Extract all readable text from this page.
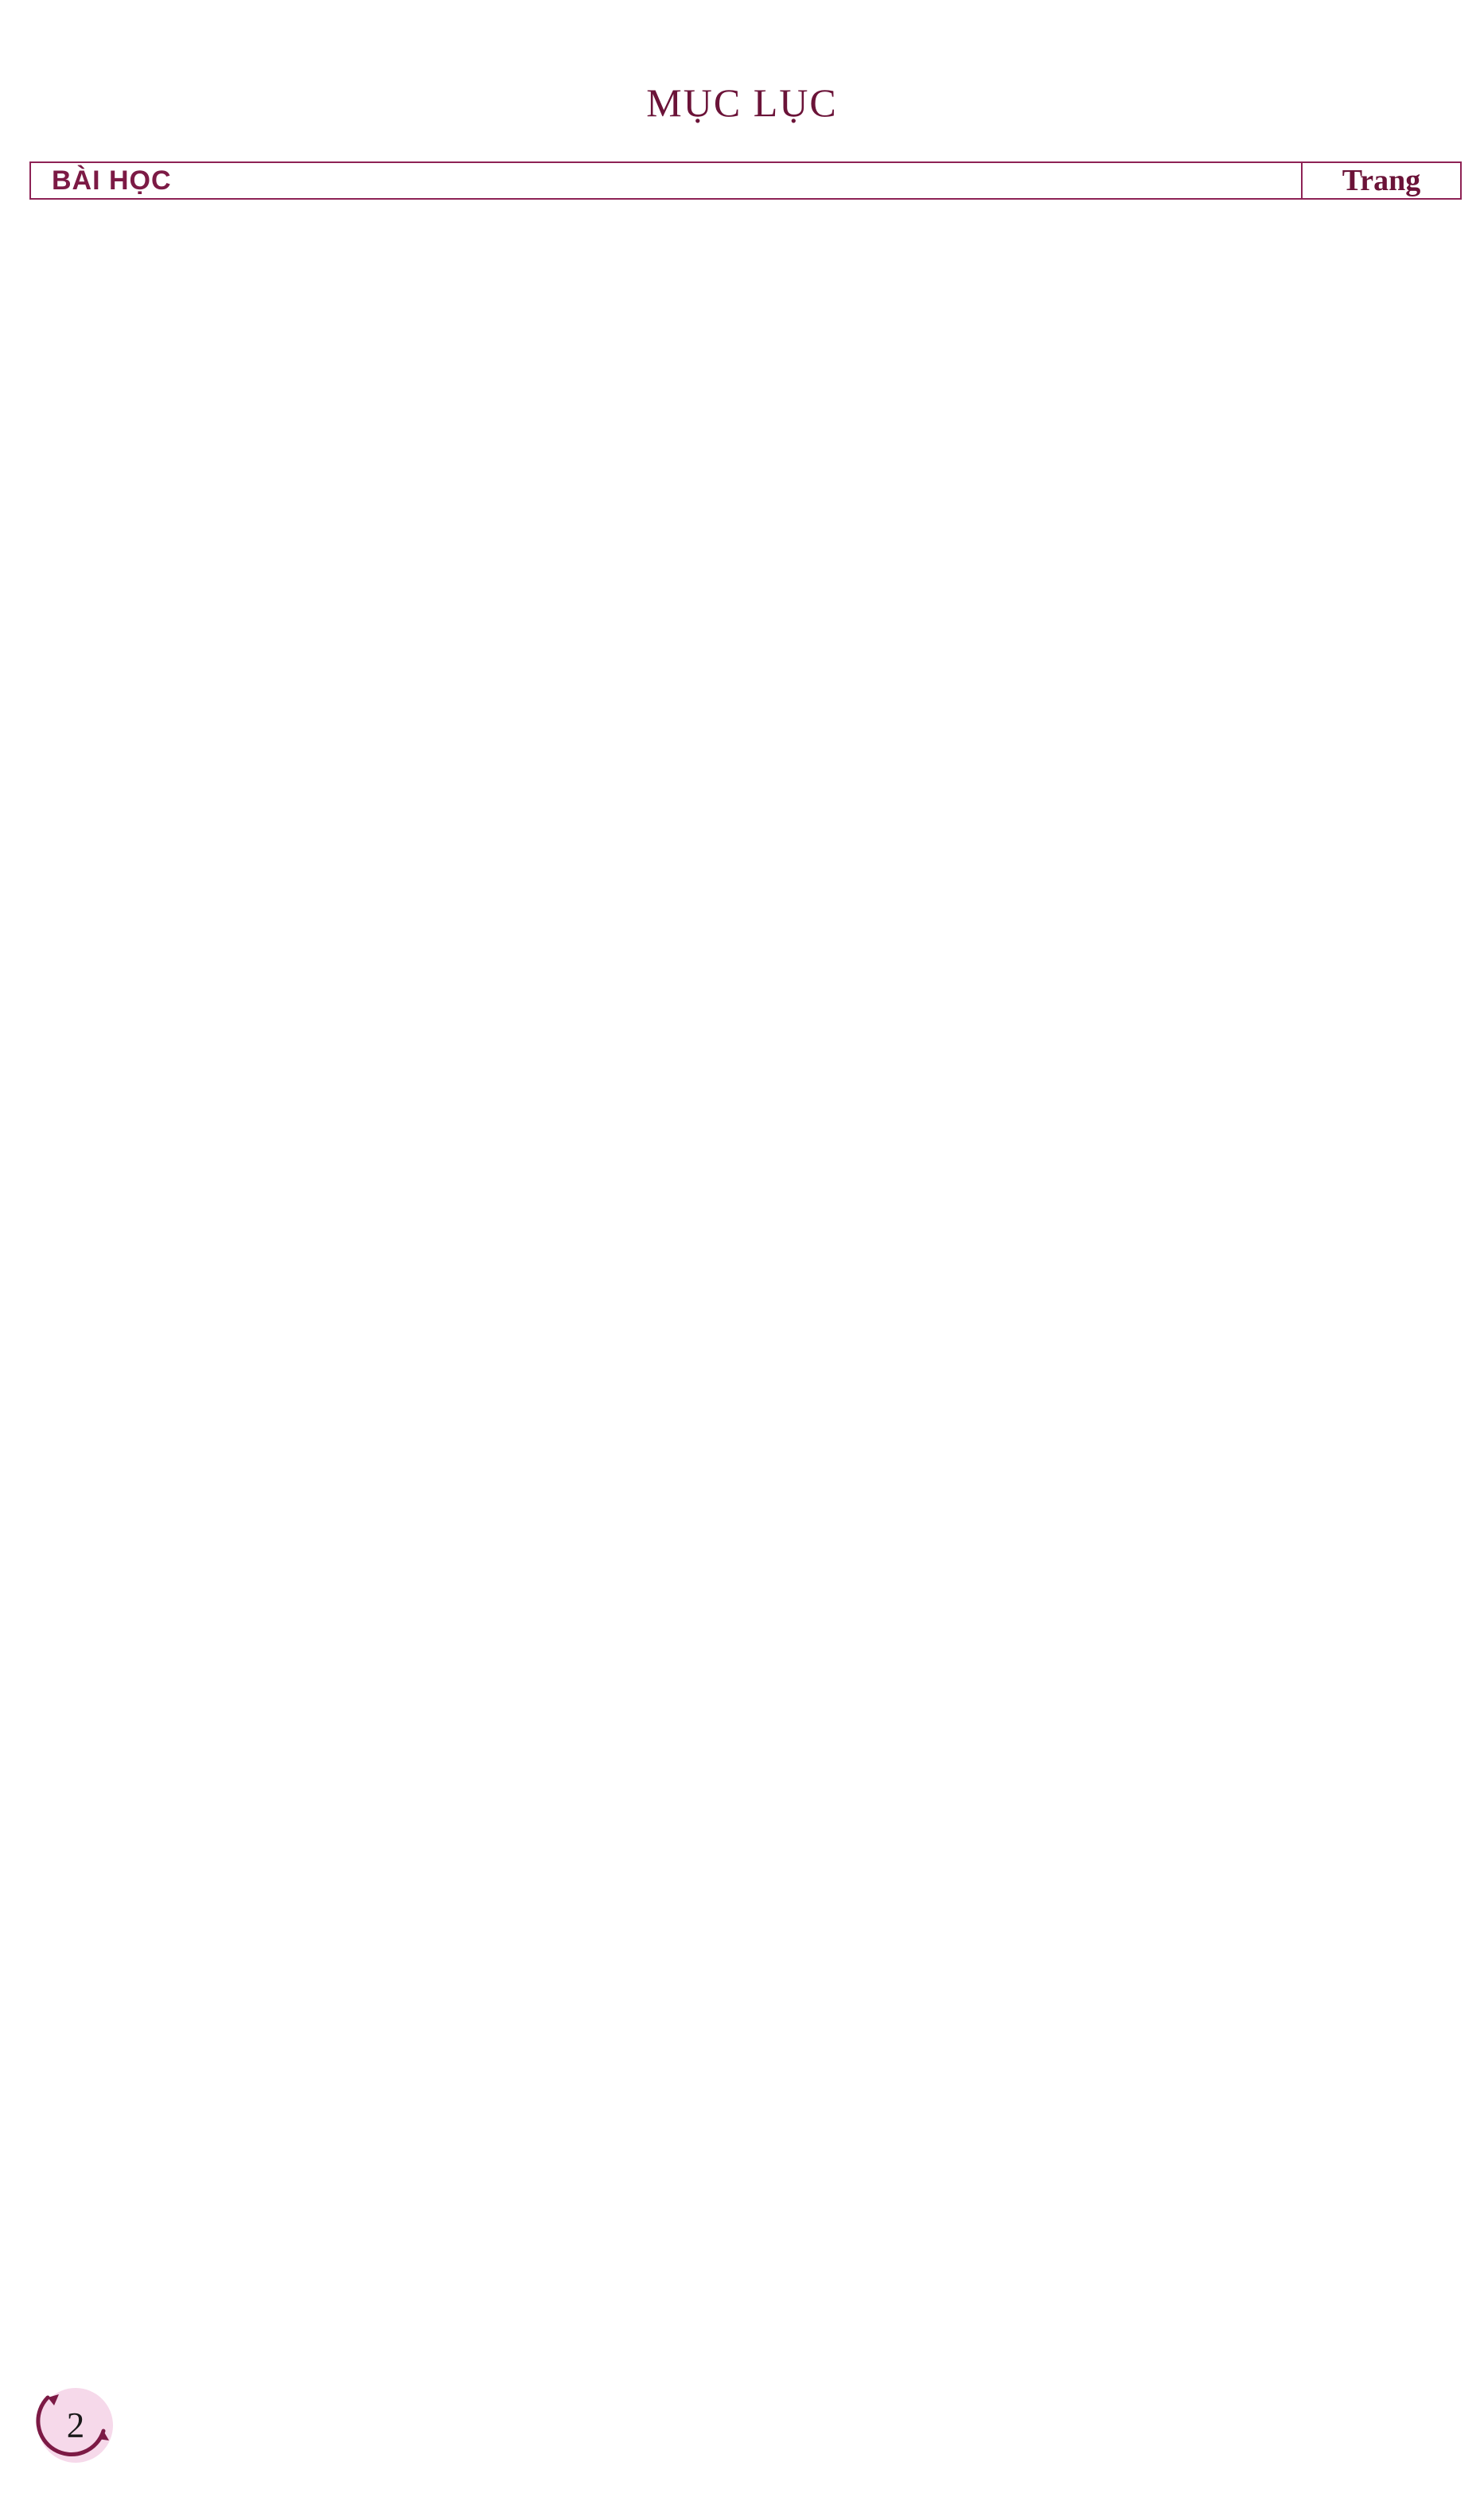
MỤC LỤC
BÀI HỌC	Trang
2
